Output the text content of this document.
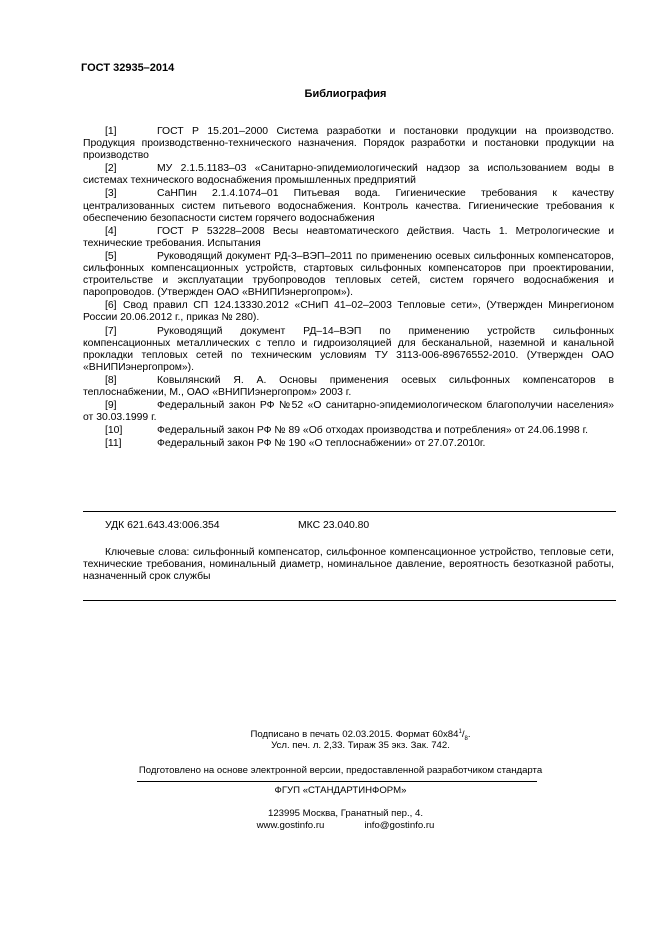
ГОСТ 32935–2014
Библиография

[1]	ГОСТ Р 15.201–2000 Система разработки и постановки продукции на производство. Продукция производственно-технического назначения. Порядок разработки и постановки продукции на производство

[2]	МУ 2.1.5.1183–03 «Санитарно-эпидемиологический надзор за использованием воды в системах технического водоснабжения промышленных предприятий

[3]	СаНПин 2.1.4.1074–01 Питьевая вода. Гигиенические требования к качеству централизованных систем питьевого водоснабжения. Контроль качества. Гигиенические требования к обеспечению безопасности систем горячего водоснабжения

[4]	ГОСТ Р 53228–2008 Весы неавтоматического действия. Часть 1. Метрологические и технические требования. Испытания

[5]	Руководящий документ РД-3–ВЭП–2011 по применению осевых сильфонных компенсаторов, сильфонных компенсационных устройств, стартовых сильфонных компенсаторов при проектировании, строительстве и эксплуатации трубопроводов тепловых сетей, систем горячего водоснабжения и паропроводов. (Утвержден ОАО «ВНИПИэнергопром»).

[6] Свод правил СП 124.13330.2012 «СНиП 41–02–2003 Тепловые сети», (Утвержден Минрегионом России 20.06.2012 г., приказ № 280).

[7]	Руководящий документ РД–14–ВЭП по применению устройств сильфонных компенсационных металлических с тепло и гидроизоляцией для бесканальной, наземной и канальной прокладки тепловых сетей по техническим условиям ТУ 3113-006-89676552-2010. (Утвержден ОАО «ВНИПИэнергопром»).

[8]	Ковылянский Я. А. Основы применения осевых сильфонных компенсаторов в теплоснабжении, М., ОАО «ВНИПИэнергопром» 2003 г.

[9]	Федеральный закон РФ №52 «О санитарно-эпидемиологическом благополучии населения» от 30.03.1999 г.

[10]	Федеральный закон РФ № 89 «Об отходах производства и потребления» от 24.06.1998 г.

[11]	Федеральный закон РФ № 190 «О теплоснабжении» от 27.07.2010г.

УДК 621.643.43:006.354	МКС 23.040.80
Ключевые слова: сильфонный компенсатор, сильфонное компенсационное устройство, тепловые сети, технические требования, номинальный диаметр, номинальное давление, вероятность безотказной работы, назначенный срок службы
Подписано в печать 02.03.2015. Формат $60х84^1/_8$.
Усл. печ. л. 2,33. Тираж 35 экз. Зак. 742.
Подготовлено на основе электронной версии, предоставленной разработчиком стандарта
ФГУП «СТАНДАРТИНФОРМ»
123995 Москва, Гранатный пер., 4.
www.gostinfo.ru	info@gostinfo.ru
